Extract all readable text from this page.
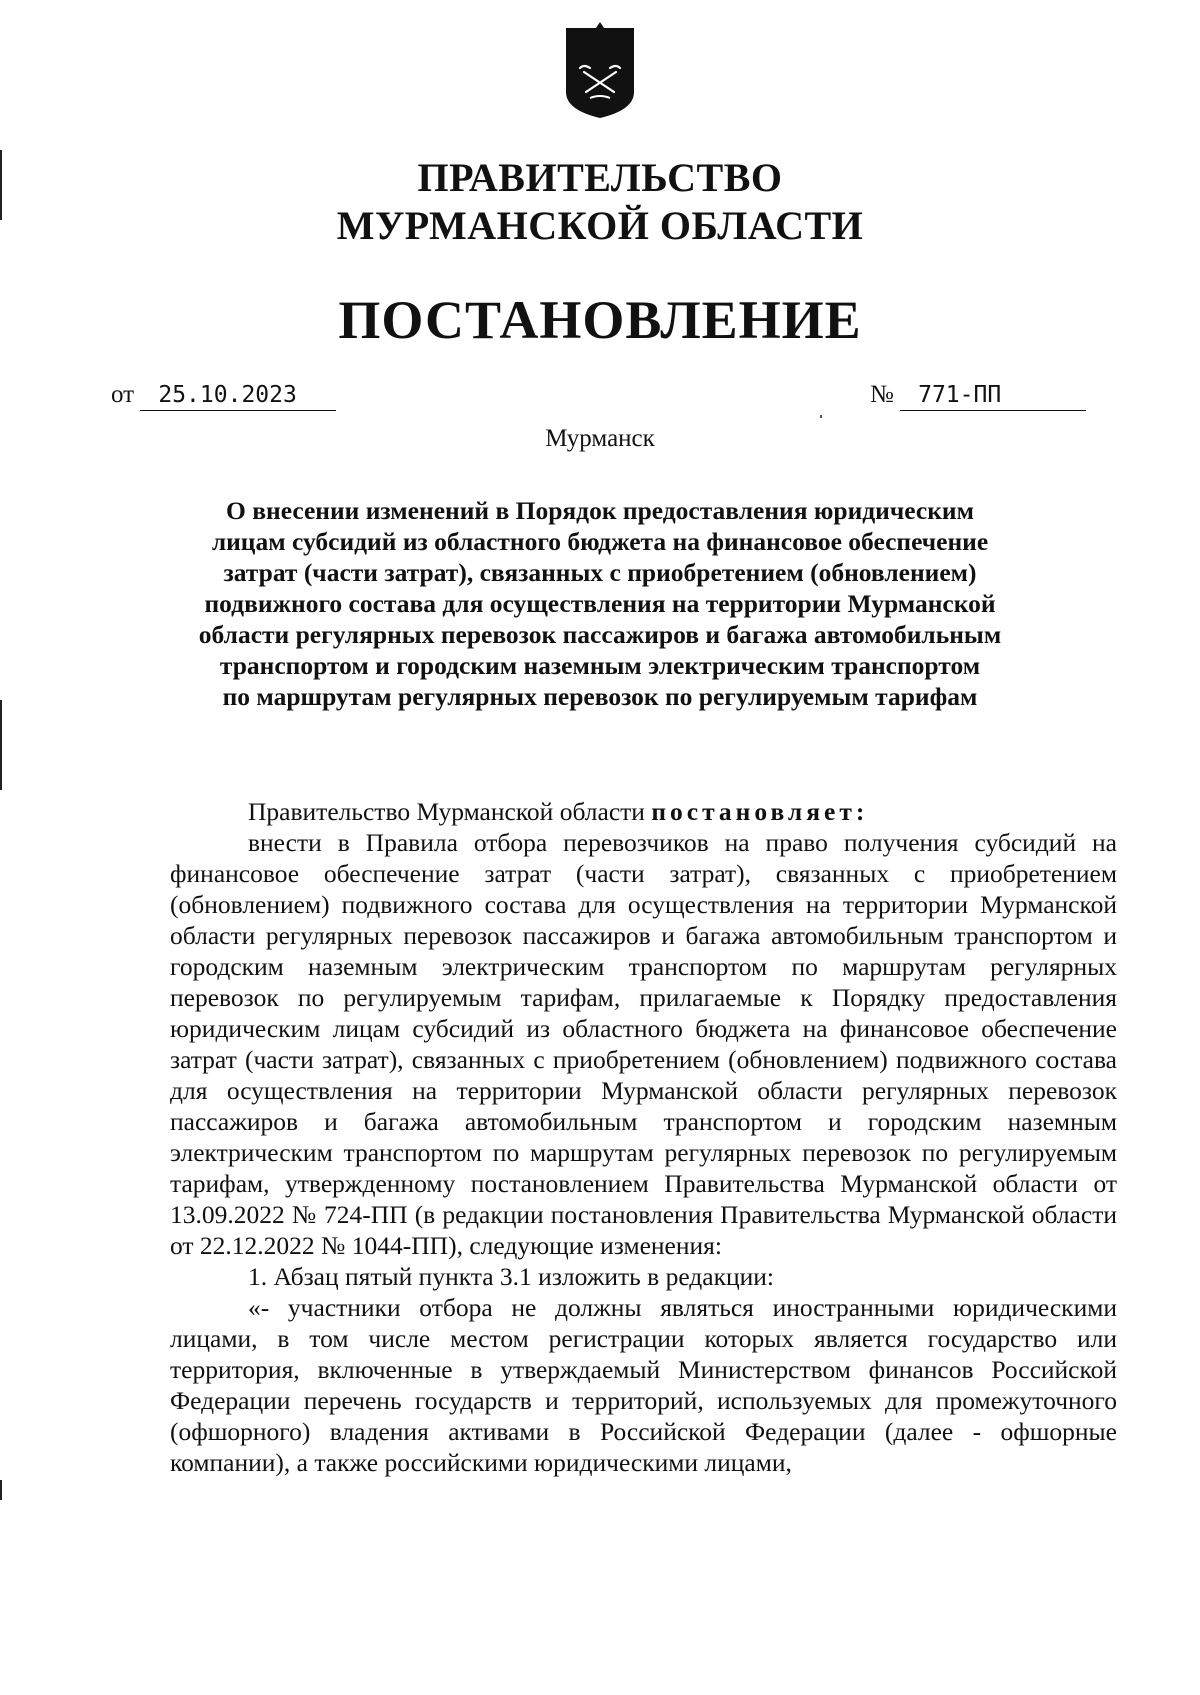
ПРАВИТЕЛЬСТВО
МУРМАНСКОЙ ОБЛАСТИ
ПОСТАНОВЛЕНИЕ
от 25.10.2023	№ 771-ПП
Мурманск
О внесении изменений в Порядок предоставления юридическим
лицам субсидий из областного бюджета на финансовое обеспечение
затрат (части затрат), связанных с приобретением (обновлением)
подвижного состава для осуществления на территории Мурманской
области регулярных перевозок пассажиров и багажа автомобильным
транспортом и городским наземным электрическим транспортом
по маршрутам регулярных перевозок по регулируемым тарифам

Правительство Мурманской области постановляет:

внести в Правила отбора перевозчиков на право получения субсидий на финансовое обеспечение затрат (части затрат), связанных с приобретением (обновлением) подвижного состава для осуществления на территории Мурманской области регулярных перевозок пассажиров и багажа автомобильным транспортом и городским наземным электрическим транспортом по маршрутам регулярных перевозок по регулируемым тарифам, прилагаемые к Порядку предоставления юридическим лицам субсидий из областного бюджета на финансовое обеспечение затрат (части затрат), связанных с приобретением (обновлением) подвижного состава для осуществления на территории Мурманской области регулярных перевозок пассажиров и багажа автомобильным транспортом и городским наземным электрическим транспортом по маршрутам регулярных перевозок по регулируемым тарифам, утвержденному постановлением Правительства Мурманской области от 13.09.2022 № 724-ПП (в редакции постановления Правительства Мурманской области от 22.12.2022 № 1044-ПП), следующие изменения:

1. Абзац пятый пункта 3.1 изложить в редакции:

«- участники отбора не должны являться иностранными юридическими лицами, в том числе местом регистрации которых является государство или территория, включенные в утверждаемый Министерством финансов Российской Федерации перечень государств и территорий, используемых для промежуточного (офшорного) владения активами в Российской Федерации (далее - офшорные компании), а также российскими юридическими лицами,
